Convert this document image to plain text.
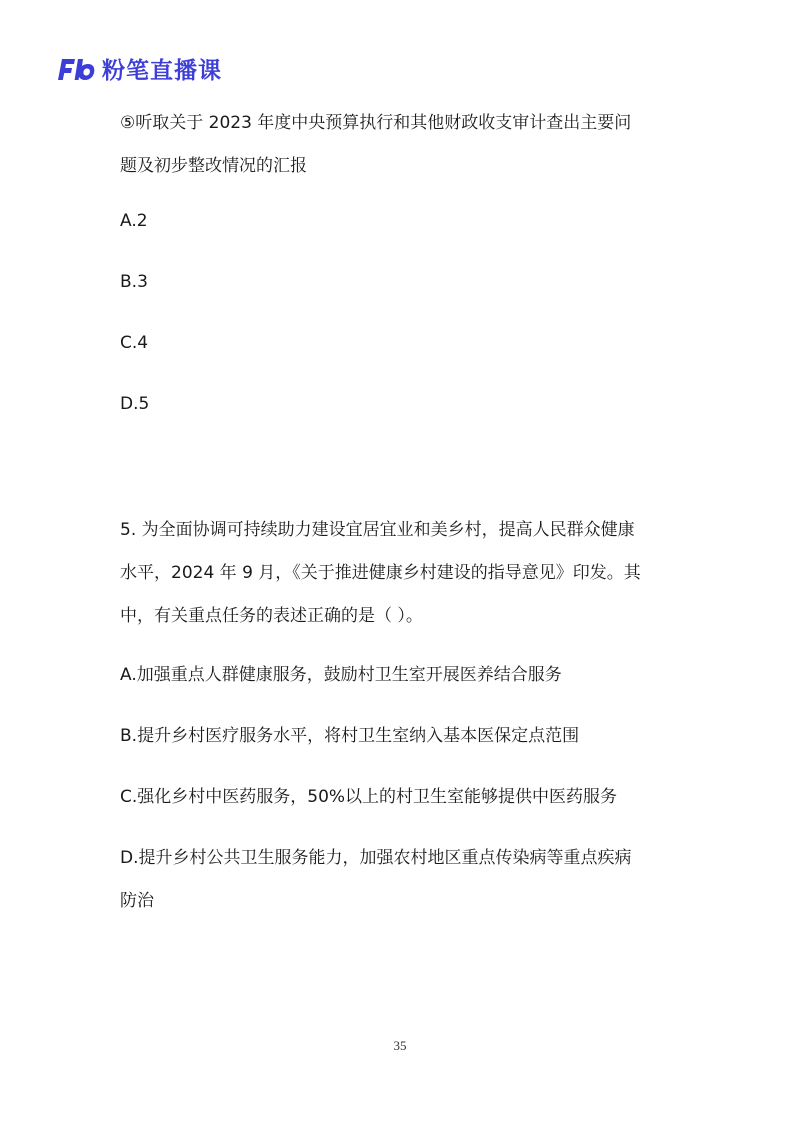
粉笔直播课
⑤听取关于 2023 年度中央预算执行和其他财政收支审计查出主要问
题及初步整改情况的汇报
A.2
B.3
C.4
D.5
5. 为全面协调可持续助力建设宜居宜业和美乡村，提高人民群众健康
水平，2024 年 9 月，《关于推进健康乡村建设的指导意见》印发。其
中，有关重点任务的表述正确的是（ ）。
A.加强重点人群健康服务，鼓励村卫生室开展医养结合服务
B.提升乡村医疗服务水平，将村卫生室纳入基本医保定点范围
C.强化乡村中医药服务，50%以上的村卫生室能够提供中医药服务
D.提升乡村公共卫生服务能力，加强农村地区重点传染病等重点疾病
防治
35
